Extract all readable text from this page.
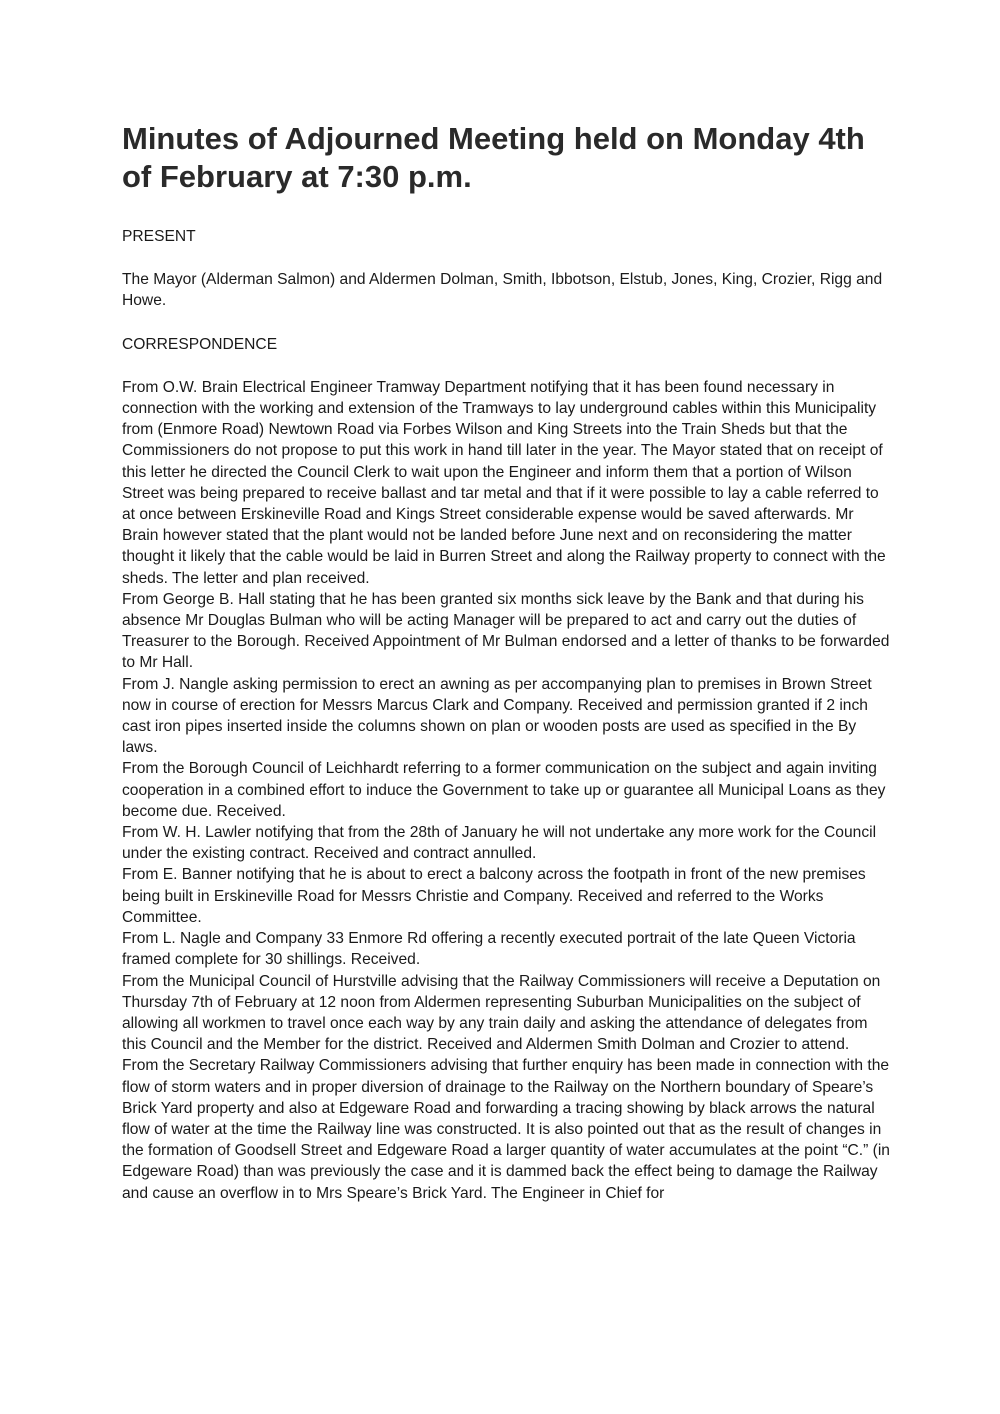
Minutes of Adjourned Meeting held on Monday 4th of February at 7:30 p.m.
PRESENT
The Mayor (Alderman Salmon) and Aldermen Dolman, Smith, Ibbotson, Elstub, Jones, King, Crozier, Rigg and Howe.
CORRESPONDENCE

From O.W. Brain Electrical Engineer Tramway Department notifying that it has been found necessary in connection with the working and extension of the Tramways to lay underground cables within this Municipality from (Enmore Road) Newtown Road via Forbes Wilson and King Streets into the Train Sheds but that the Commissioners do not propose to put this work in hand till later in the year. The Mayor stated that on receipt of this letter he directed the Council Clerk to wait upon the Engineer and inform them that a portion of Wilson Street was being prepared to receive ballast and tar metal and that if it were possible to lay a cable referred to at once between Erskineville Road and Kings Street considerable expense would be saved afterwards. Mr Brain however stated that the plant would not be landed before June next and on reconsidering the matter thought it likely that the cable would be laid in Burren Street and along the Railway property to connect with the sheds. The letter and plan received.

From George B. Hall stating that he has been granted six months sick leave by the Bank and that during his absence Mr Douglas Bulman who will be acting Manager will be prepared to act and carry out the duties of Treasurer to the Borough. Received Appointment of Mr Bulman endorsed and a letter of thanks to be forwarded to Mr Hall.

From J. Nangle asking permission to erect an awning as per accompanying plan to premises in Brown Street now in course of erection for Messrs Marcus Clark and Company. Received and permission granted if 2 inch cast iron pipes inserted inside the columns shown on plan or wooden posts are used as specified in the By laws.

From the Borough Council of Leichhardt referring to a former communication on the subject and again inviting cooperation in a combined effort to induce the Government to take up or guarantee all Municipal Loans as they become due. Received.

From W. H. Lawler notifying that from the 28th of January he will not undertake any more work for the Council under the existing contract. Received and contract annulled.

From E. Banner notifying that he is about to erect a balcony across the footpath in front of the new premises being built in Erskineville Road for Messrs Christie and Company. Received and referred to the Works Committee.

From L. Nagle and Company 33 Enmore Rd offering a recently executed portrait of the late Queen Victoria framed complete for 30 shillings. Received.

From the Municipal Council of Hurstville advising that the Railway Commissioners will receive a Deputation on Thursday 7th of February at 12 noon from Aldermen representing Suburban Municipalities on the subject of allowing all workmen to travel once each way by any train daily and asking the attendance of delegates from this Council and the Member for the district. Received and Aldermen Smith Dolman and Crozier to attend.

From the Secretary Railway Commissioners advising that further enquiry has been made in connection with the flow of storm waters and in proper diversion of drainage to the Railway on the Northern boundary of Speare’s Brick Yard property and also at Edgeware Road and forwarding a tracing showing by black arrows the natural flow of water at the time the Railway line was constructed. It is also pointed out that as the result of changes in the formation of Goodsell Street and Edgeware Road a larger quantity of water accumulates at the point “C.” (in Edgeware Road) than was previously the case and it is dammed back the effect being to damage the Railway and cause an overflow in to Mrs Speare’s Brick Yard. The Engineer in Chief for
